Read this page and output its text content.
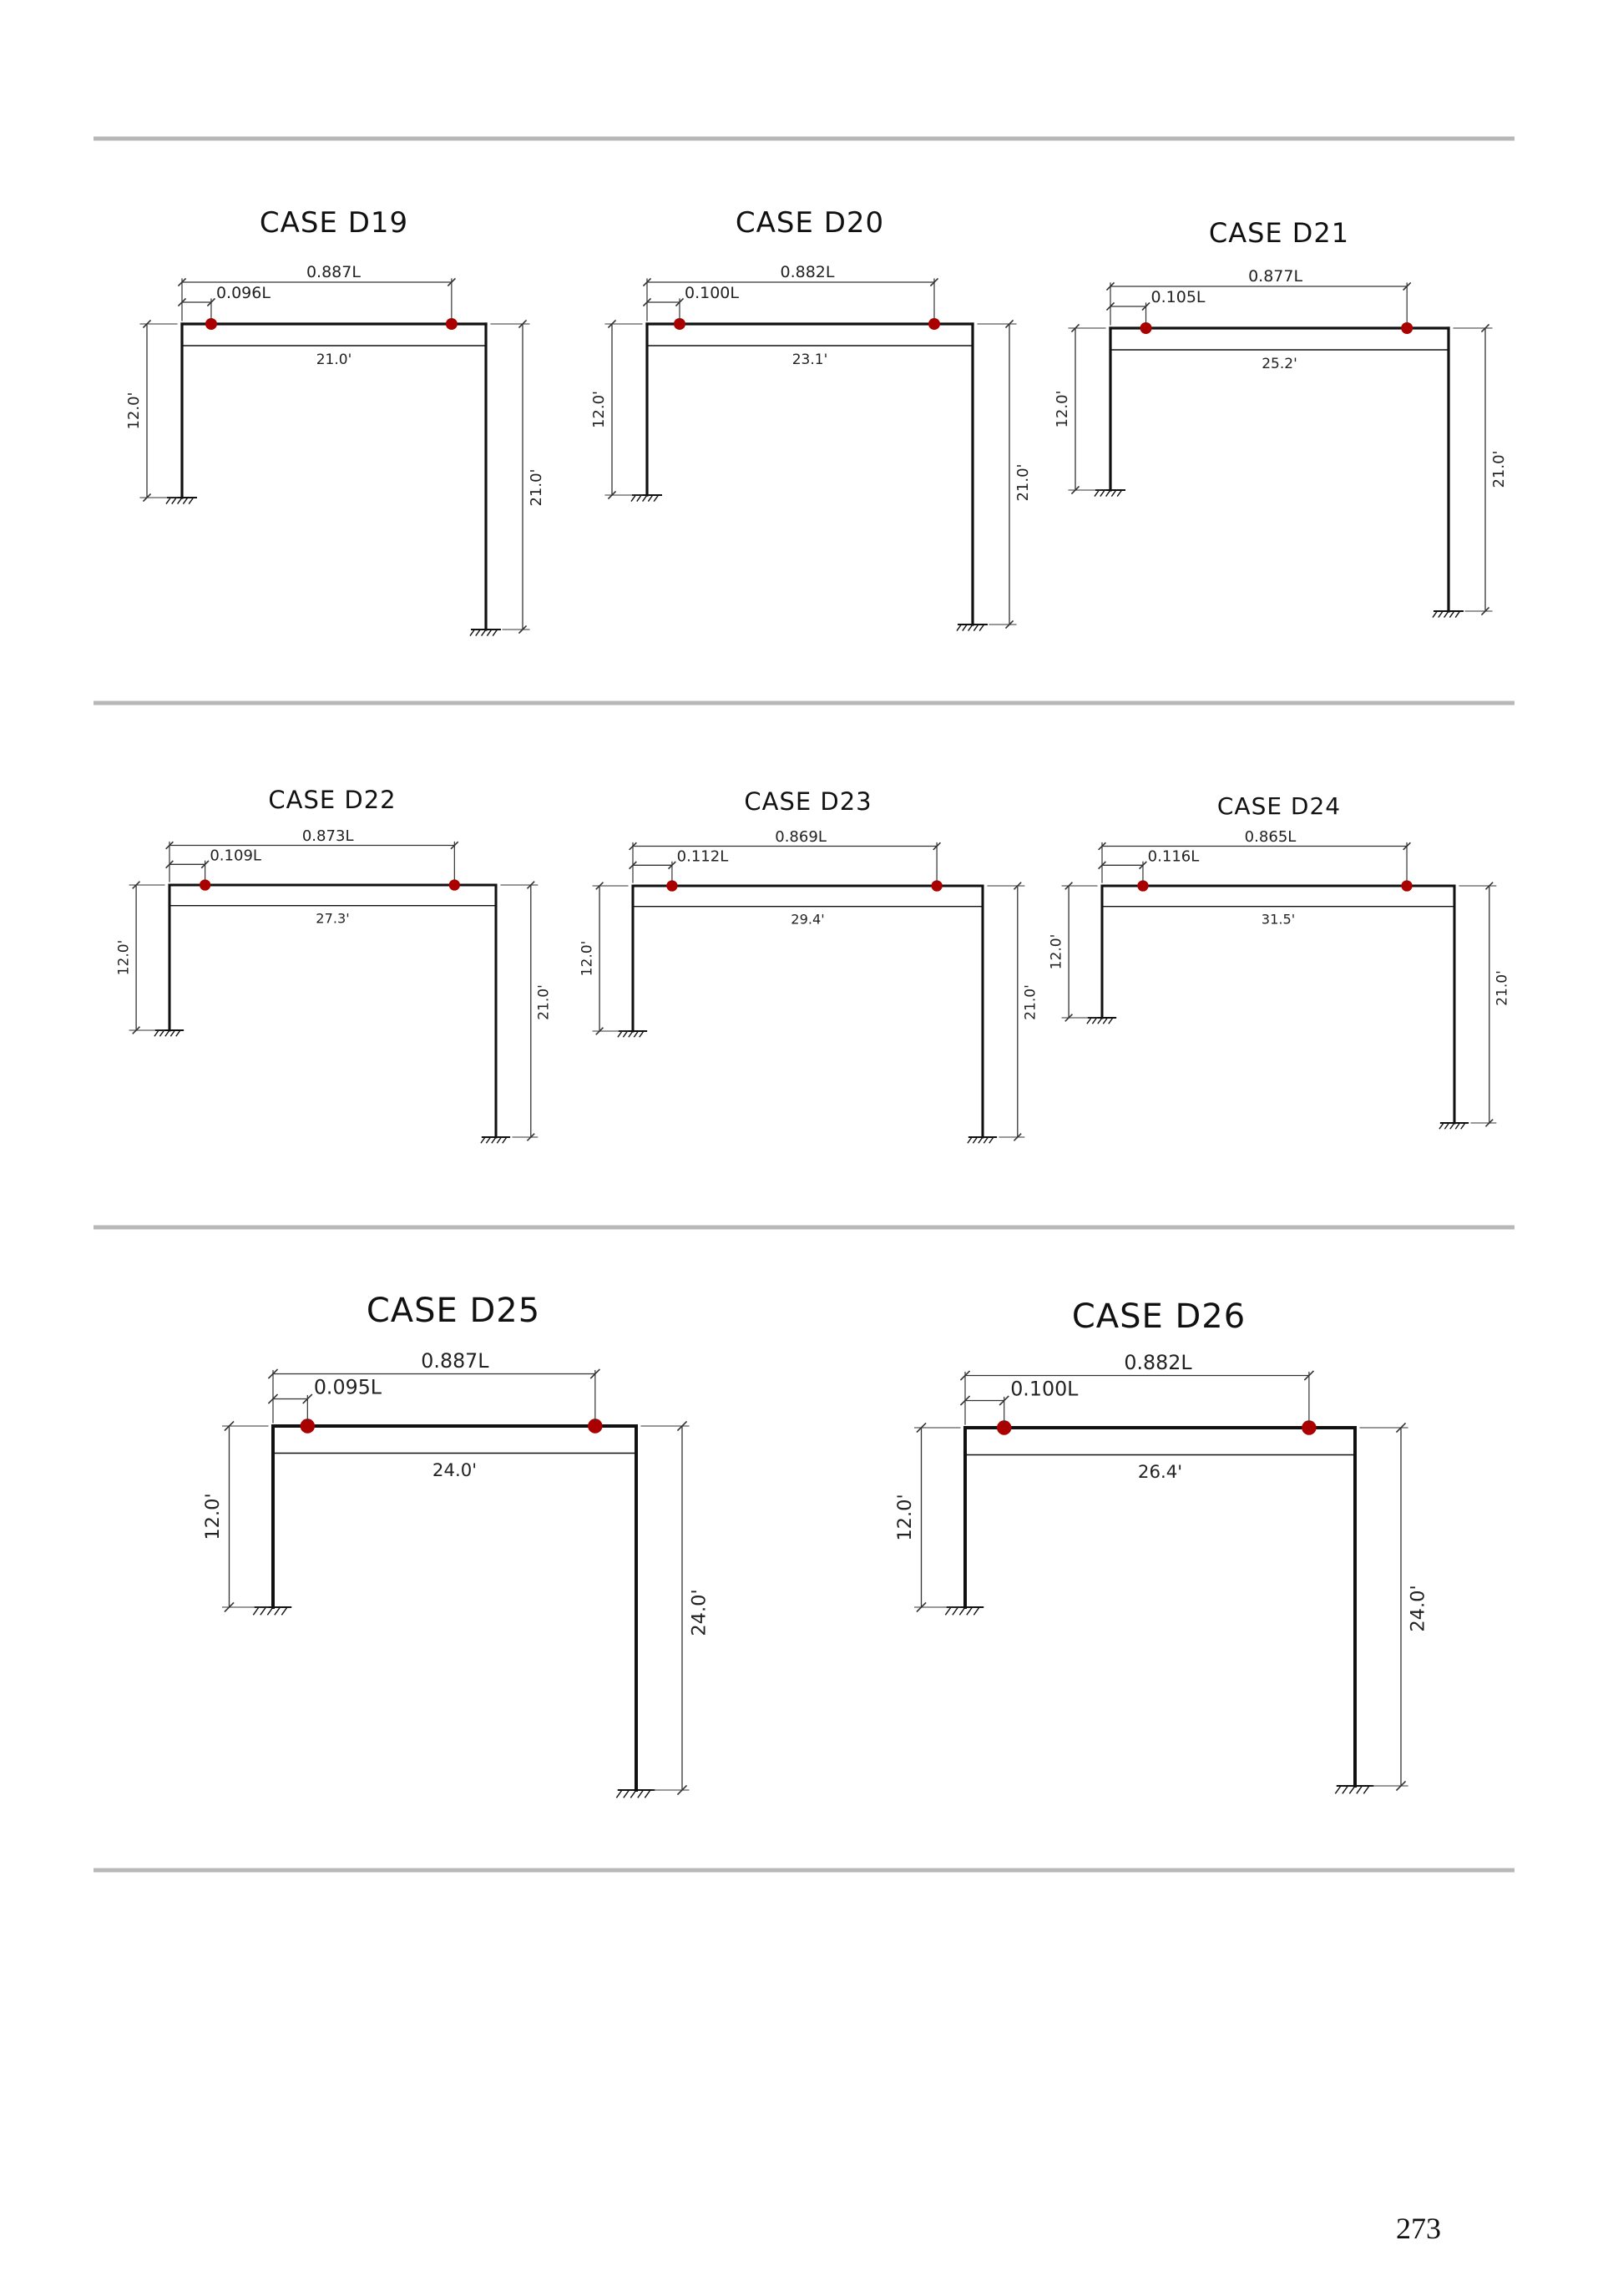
CASE D19
0.887L
0.096L
21.0'
12.0'
21.0'
CASE D20
0.882L
0.100L
23.1'
12.0'
21.0'
CASE D21
0.877L
0.105L
25.2'
12.0'
21.0'
CASE D22
0.873L
0.109L
27.3'
12.0'
21.0'
CASE D23
0.869L
0.112L
29.4'
12.0'
21.0'
CASE D24
0.865L
0.116L
31.5'
12.0'
21.0'
CASE D25
0.887L
0.095L
24.0'
12.0'
24.0'
CASE D26
0.882L
0.100L
26.4'
12.0'
24.0'
273
